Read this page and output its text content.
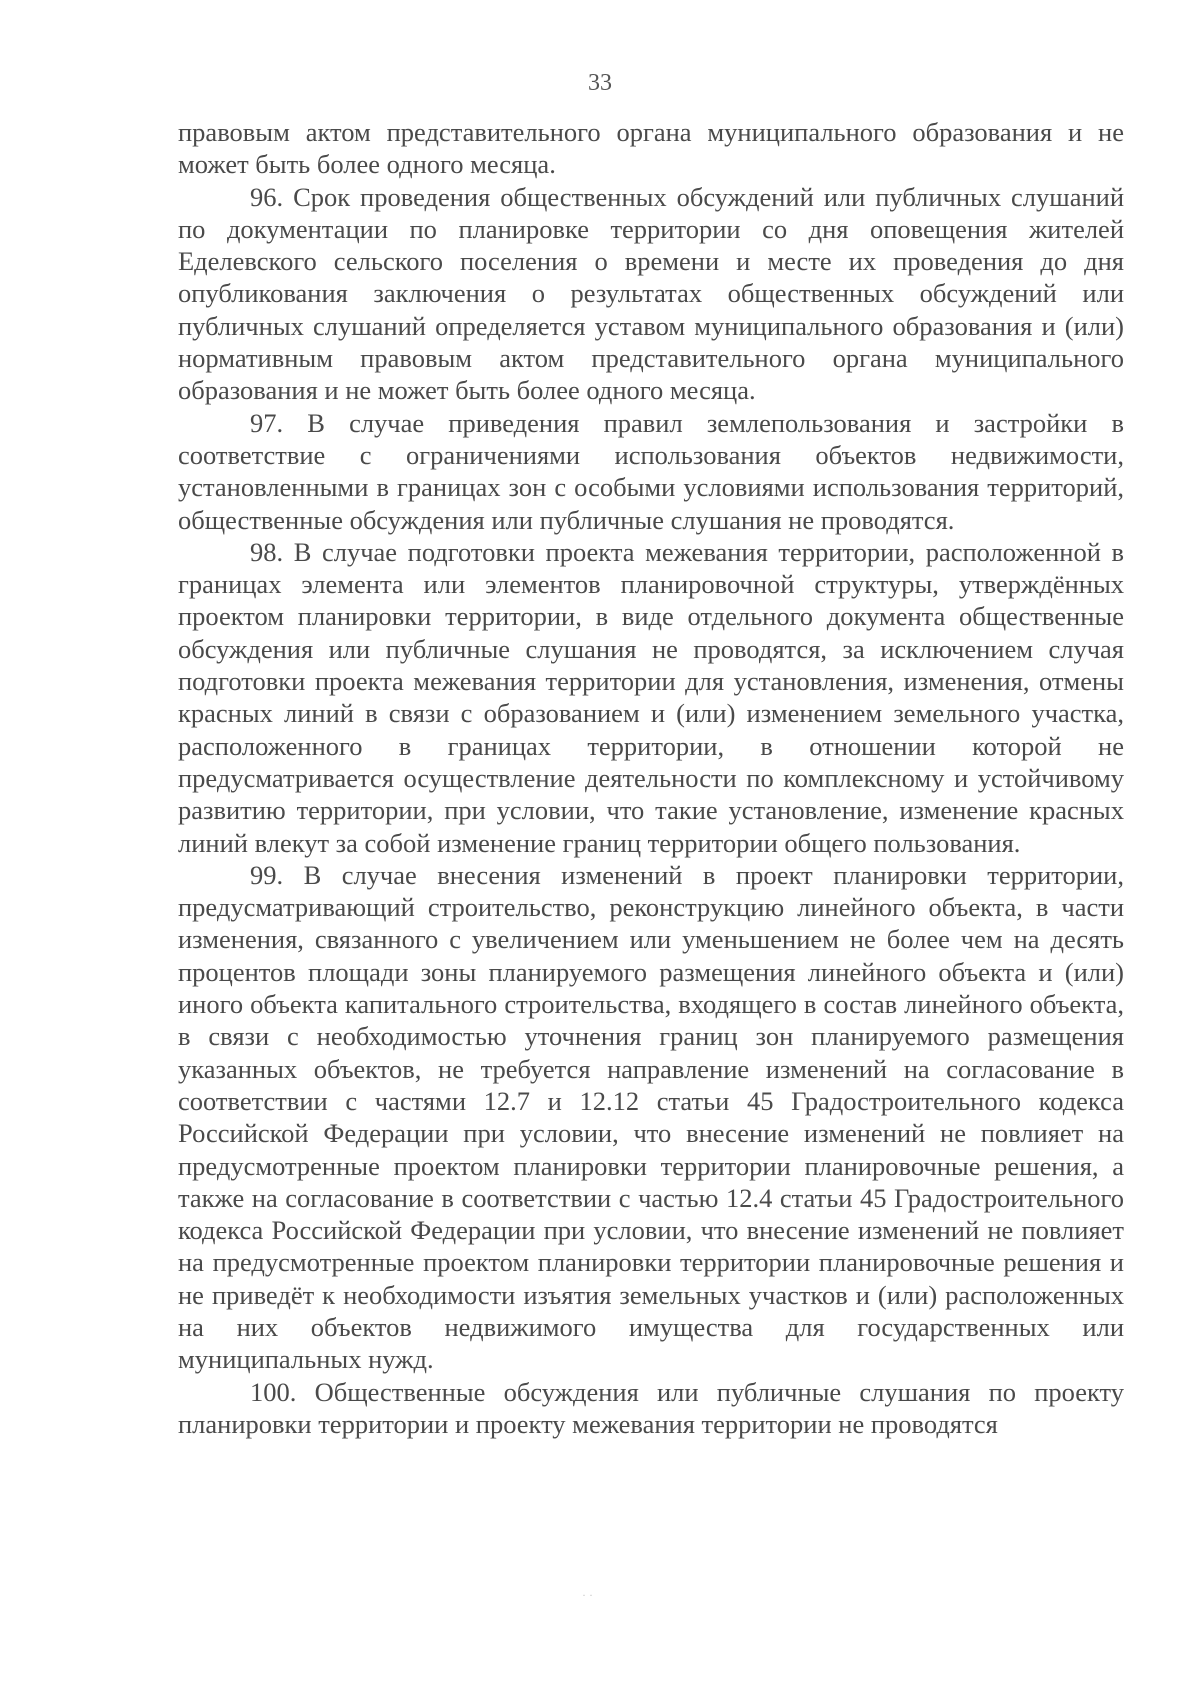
33

правовым актом представительного органа муниципального образования и не может быть более одного месяца.

96. Срок проведения общественных обсуждений или публичных слушаний по документации по планировке территории со дня оповещения жителей Еделевского сельского поселения о времени и месте их проведения до дня опубликования заключения о результатах общественных обсуждений или публичных слушаний определяется уставом муниципального образования и (или) нормативным правовым актом представительного органа муниципального образования и не может быть более одного месяца.

97. В случае приведения правил землепользования и застройки в соответствие с ограничениями использования объектов недвижимости, установленными в границах зон с особыми условиями использования территорий, общественные обсуждения или публичные слушания не проводятся.

98. В случае подготовки проекта межевания территории, расположенной в границах элемента или элементов планировочной структуры, утверждённых проектом планировки территории, в виде отдельного документа общественные обсуждения или публичные слушания не проводятся, за исключением случая подготовки проекта межевания территории для установления, изменения, отмены красных линий в связи с образованием и (или) изменением земельного участка, расположенного в границах территории, в отношении которой не предусматривается осуществление деятельности по комплексному и устойчивому развитию территории, при условии, что такие установление, изменение красных линий влекут за собой изменение границ территории общего пользования.

99. В случае внесения изменений в проект планировки территории, предусматривающий строительство, реконструкцию линейного объекта, в части изменения, связанного с увеличением или уменьшением не более чем на десять процентов площади зоны планируемого размещения линейного объекта и (или) иного объекта капитального строительства, входящего в состав линейного объекта, в связи с необходимостью уточнения границ зон планируемого размещения указанных объектов, не требуется направление изменений на согласование в соответствии с частями 12.7 и 12.12 статьи 45 Градостроительного кодекса Российской Федерации при условии, что внесение изменений не повлияет на предусмотренные проектом планировки территории планировочные решения, а также на согласование в соответствии с частью 12.4 статьи 45 Градостроительного кодекса Российской Федерации при условии, что внесение изменений не повлияет на предусмотренные проектом планировки территории планировочные решения и не приведёт к необходимости изъятия земельных участков и (или) расположенных на них объектов недвижимого имущества для государственных или муниципальных нужд.

100. Общественные обсуждения или публичные слушания по проекту планировки территории и проекту межевания территории не проводятся

· ·
